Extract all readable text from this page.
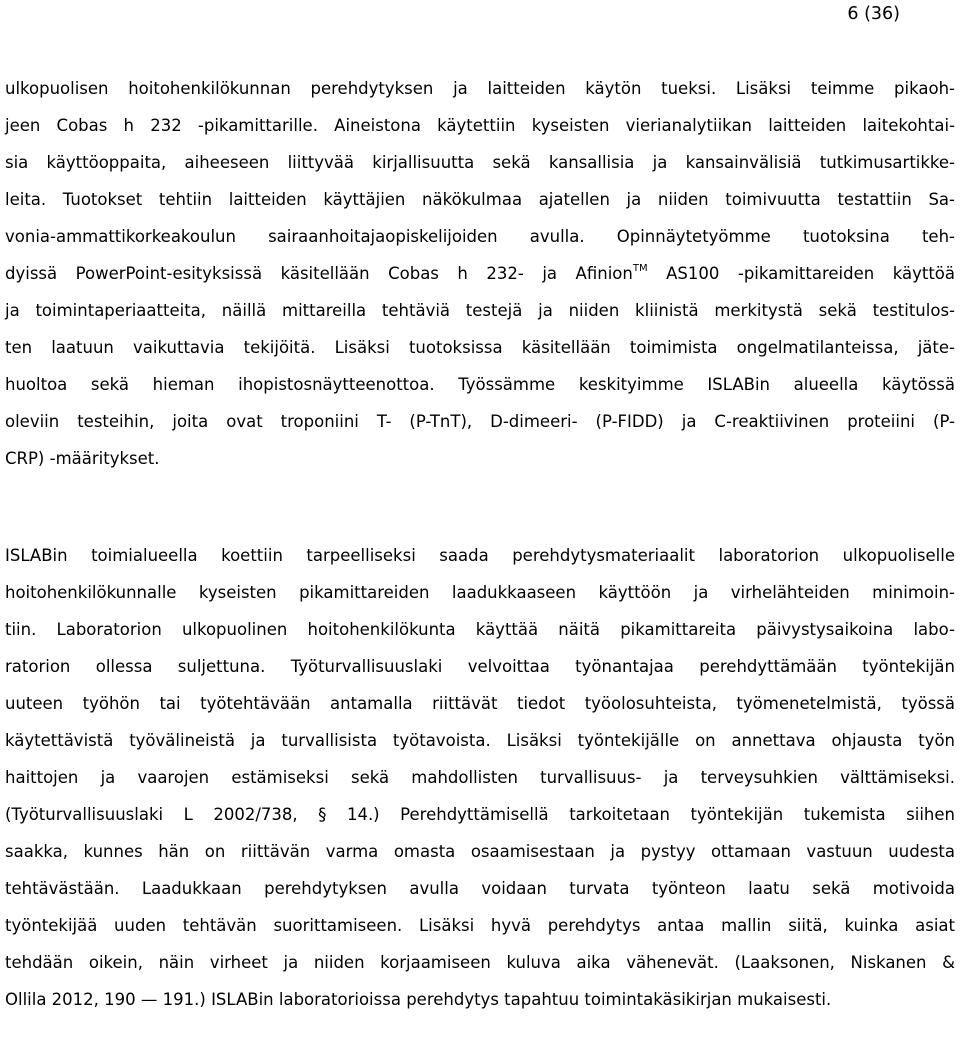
6 (36)
ulkopuolisen hoitohenkilökunnan perehdytyksen ja laitteiden käytön tueksi. Lisäksi teimme pikaoh-
jeen Cobas h 232 -pikamittarille. Aineistona käytettiin kyseisten vierianalytiikan laitteiden laitekohtai-
sia käyttöoppaita, aiheeseen liittyvää kirjallisuutta sekä kansallisia ja kansainvälisiä tutkimusartikke-
leita. Tuotokset tehtiin laitteiden käyttäjien näkökulmaa ajatellen ja niiden toimivuutta testattiin Sa-
vonia-ammattikorkeakoulun sairaanhoitajaopiskelijoiden avulla. Opinnäytetyömme tuotoksina teh-
dyissä PowerPoint-esityksissä käsitellään Cobas h 232- ja Afinion™ AS100 -pikamittareiden käyttöä
ja toimintaperiaatteita, näillä mittareilla tehtäviä testejä ja niiden kliinistä merkitystä sekä testitulos-
ten laatuun vaikuttavia tekijöitä. Lisäksi tuotoksissa käsitellään toimimista ongelmatilanteissa, jäte-
huoltoa sekä hieman ihopistosnäytteenottoa. Työssämme keskityimme ISLABin alueella käytössä
oleviin testeihin, joita ovat troponiini T- (P-TnT), D-dimeeri- (P-FIDD) ja C-reaktiivinen proteiini (P-
CRP) -määritykset.
ISLABin toimialueella koettiin tarpeelliseksi saada perehdytysmateriaalit laboratorion ulkopuoliselle
hoitohenkilökunnalle kyseisten pikamittareiden laadukkaaseen käyttöön ja virhelähteiden minimoin-
tiin. Laboratorion ulkopuolinen hoitohenkilökunta käyttää näitä pikamittareita päivystysaikoina labo-
ratorion ollessa suljettuna. Työturvallisuuslaki velvoittaa työnantajaa perehdyttämään työntekijän
uuteen työhön tai työtehtävään antamalla riittävät tiedot työolosuhteista, työmenetelmistä, työssä
käytettävistä työvälineistä ja turvallisista työtavoista. Lisäksi työntekijälle on annettava ohjausta työn
haittojen ja vaarojen estämiseksi sekä mahdollisten turvallisuus- ja terveysuhkien välttämiseksi.
(Työturvallisuuslaki L 2002/738, § 14.) Perehdyttämisellä tarkoitetaan työntekijän tukemista siihen
saakka, kunnes hän on riittävän varma omasta osaamisestaan ja pystyy ottamaan vastuun uudesta
tehtävästään. Laadukkaan perehdytyksen avulla voidaan turvata työnteon laatu sekä motivoida
työntekijää uuden tehtävän suorittamiseen. Lisäksi hyvä perehdytys antaa mallin siitä, kuinka asiat
tehdään oikein, näin virheet ja niiden korjaamiseen kuluva aika vähenevät. (Laaksonen, Niskanen &
Ollila 2012, 190 — 191.) ISLABin laboratorioissa perehdytys tapahtuu toimintakäsikirjan mukaisesti.
